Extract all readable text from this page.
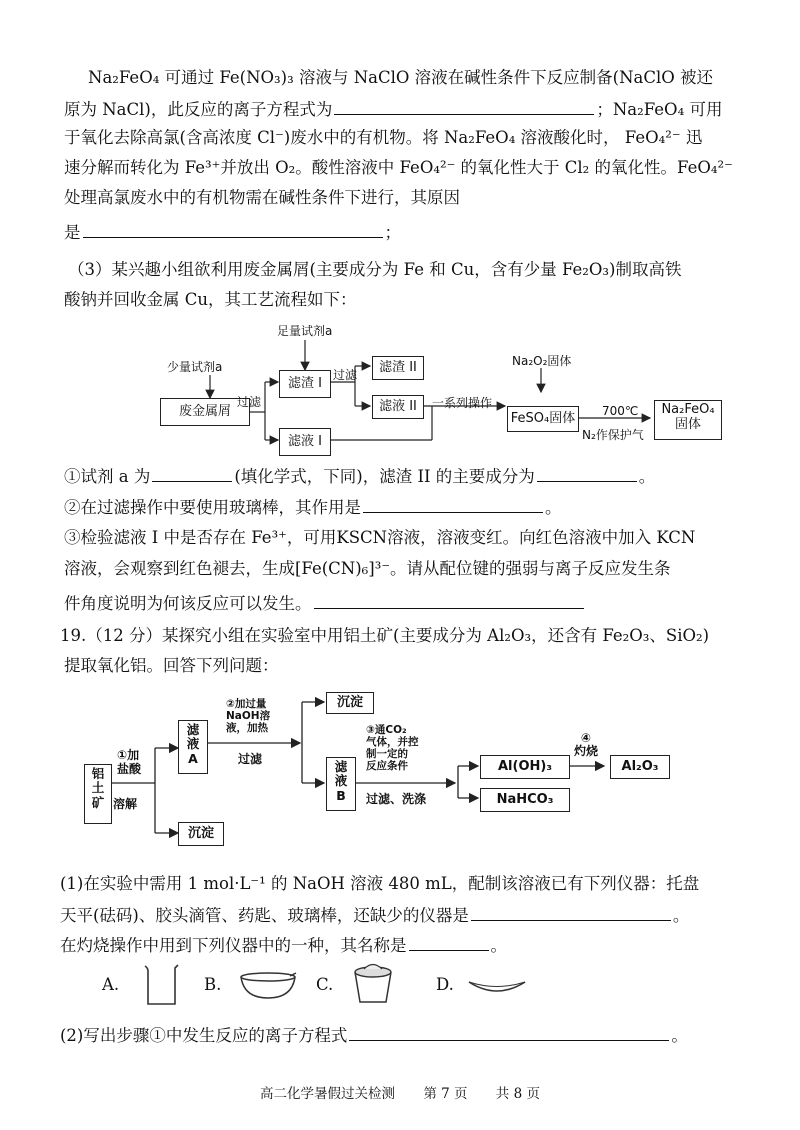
Na₂FeO₄ 可通过 Fe(NO₃)₃ 溶液与 NaClO 溶液在碱性条件下反应制备(NaClO 被还
原为 NaCl)，此反应的离子方程式为	；Na₂FeO₄ 可用
于氧化去除高氯(含高浓度 Cl⁻)废水中的有机物。将 Na₂FeO₄ 溶液酸化时， FeO₄²⁻ 迅
速分解而转化为 Fe³⁺并放出 O₂。酸性溶液中 FeO₄²⁻ 的氧化性大于 Cl₂ 的氧化性。FeO₄²⁻
处理高氯废水中的有机物需在碱性条件下进行，其原因
是	；
（3）某兴趣小组欲利用废金属屑(主要成分为 Fe 和 Cu，含有少量 Fe₂O₃)制取高铁
酸钠并回收金属 Cu，其工艺流程如下：
足量试剂a
少量试剂a
废金属屑
过滤
滤渣 I
过滤	滤渣 II
滤液 II	一系列操作
滤液 I
Na₂O₂固体
FeSO₄固体	700℃
N₂作保护气
Na₂FeO₄
固体
①试剂 a 为	(填化学式，下同)，滤渣 II 的主要成分为	。
②在过滤操作中要使用玻璃棒，其作用是	。
③检验滤液 I 中是否存在 Fe³⁺，可用KSCN溶液，溶液变红。向红色溶液中加入 KCN
溶液，会观察到红色褪去，生成[Fe(CN)₆]³⁻。请从配位键的强弱与离子反应发生条
件角度说明为何该反应可以发生。
19.（12 分）某探究小组在实验室中用铝土矿(主要成分为 Al₂O₃，还含有 Fe₂O₃、SiO₂)
提取氧化铝。回答下列问题：
铝
土
矿
①加
盐酸
溶解
滤
液
A
沉淀
②加过量
NaOH溶
液，加热
过滤
沉淀
滤
液
B
③通CO₂
气体，并控
制一定的
反应条件
过滤、洗涤
Al(OH)₃
④
灼烧
Al₂O₃
NaHCO₃
(1)在实验中需用 1 mol·L⁻¹ 的 NaOH 溶液 480 mL，配制该溶液已有下列仪器：托盘
天平(砝码)、胶头滴管、药匙、玻璃棒，还缺少的仪器是	。
在灼烧操作中用到下列仪器中的一种，其名称是	。
A.	B.	C.	D.
(2)写出步骤①中发生反应的离子方程式	。
高二化学暑假过关检测 第 7 页 共 8 页
